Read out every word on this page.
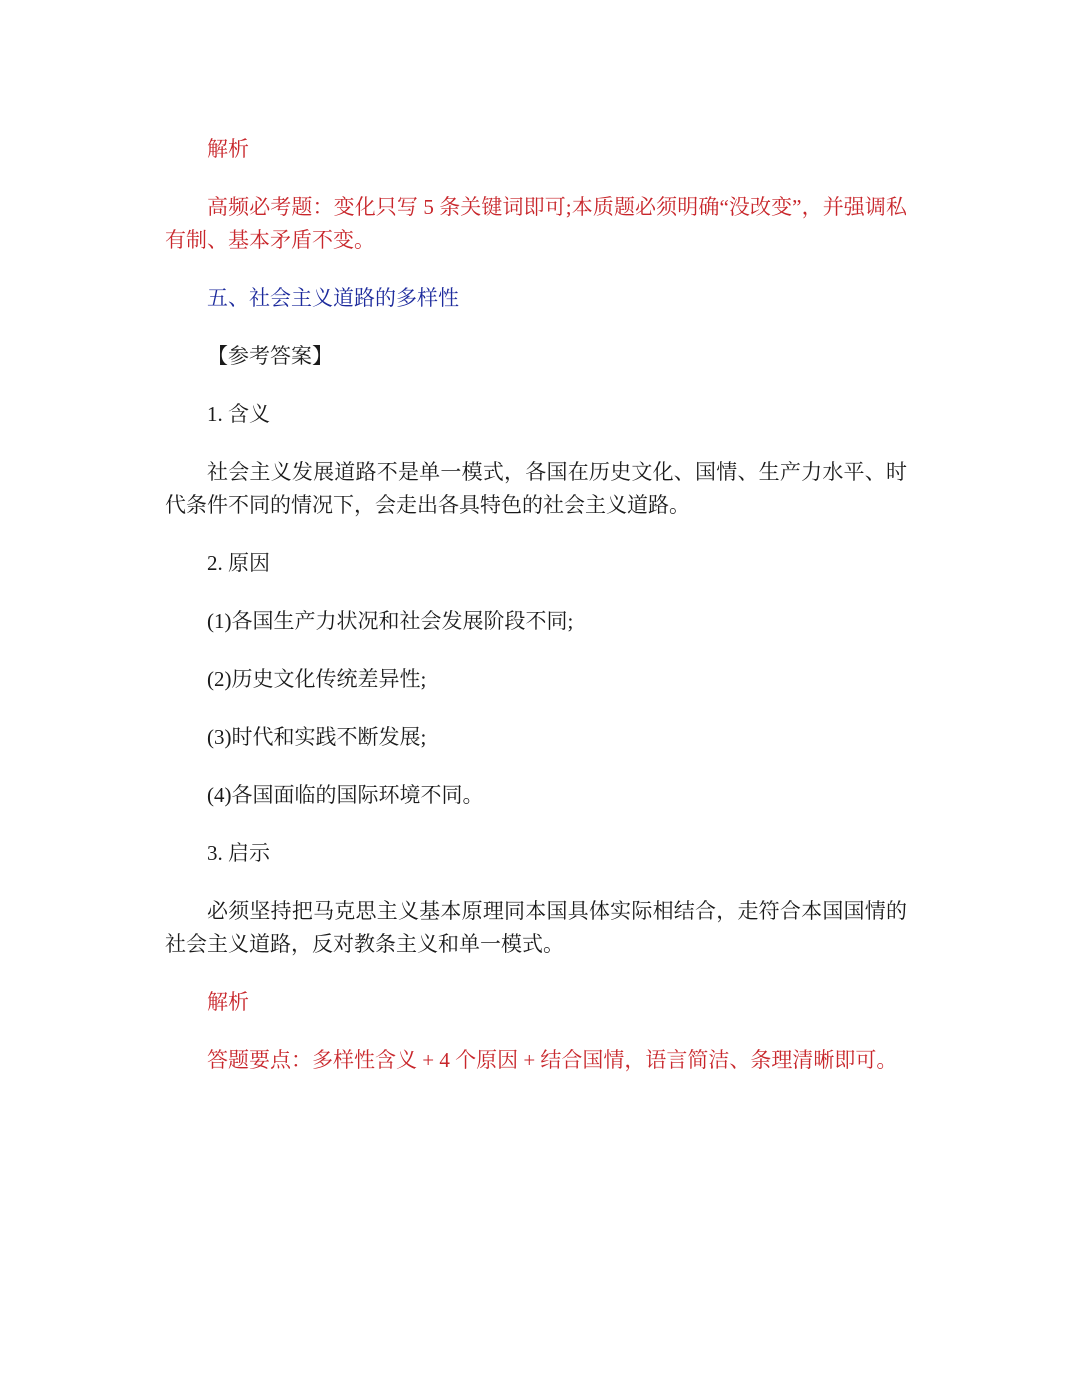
解析

高频必考题：变化只写 5 条关键词即可;本质题必须明确“没改变”，并强调私有制、基本矛盾不变。

五、社会主义道路的多样性

【参考答案】

1. 含义

社会主义发展道路不是单一模式，各国在历史文化、国情、生产力水平、时代条件不同的情况下，会走出各具特色的社会主义道路。

2. 原因

(1)各国生产力状况和社会发展阶段不同;

(2)历史文化传统差异性;

(3)时代和实践不断发展;

(4)各国面临的国际环境不同。

3. 启示

必须坚持把马克思主义基本原理同本国具体实际相结合，走符合本国国情的社会主义道路，反对教条主义和单一模式。

解析

答题要点：多样性含义 + 4 个原因 + 结合国情，语言简洁、条理清晰即可。
